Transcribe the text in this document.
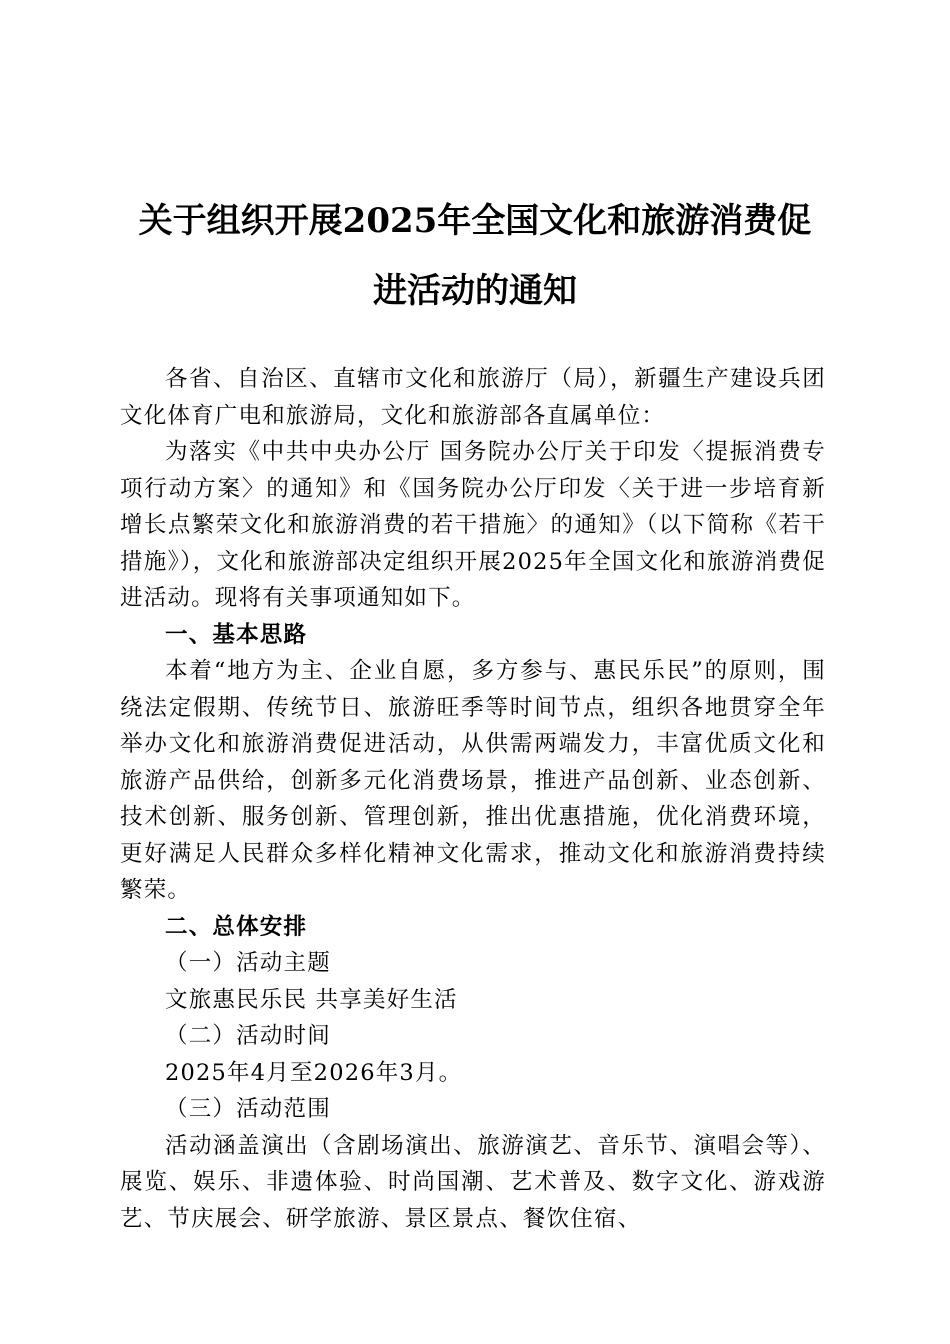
关于组织开展2025年全国文化和旅游消费促
进活动的通知

各省、自治区、直辖市文化和旅游厅（局），新疆生产建设兵团文化体育广电和旅游局，文化和旅游部各直属单位：

为落实《中共中央办公厅 国务院办公厅关于印发〈提振消费专项行动方案〉的通知》和《国务院办公厅印发〈关于进一步培育新增长点繁荣文化和旅游消费的若干措施〉的通知》（以下简称《若干措施》），文化和旅游部决定组织开展2025年全国文化和旅游消费促进活动。现将有关事项通知如下。

一、基本思路

本着“地方为主、企业自愿，多方参与、惠民乐民”的原则，围绕法定假期、传统节日、旅游旺季等时间节点，组织各地贯穿全年举办文化和旅游消费促进活动，从供需两端发力，丰富优质文化和旅游产品供给，创新多元化消费场景，推进产品创新、业态创新、技术创新、服务创新、管理创新，推出优惠措施，优化消费环境，更好满足人民群众多样化精神文化需求，推动文化和旅游消费持续繁荣。

二、总体安排

（一）活动主题

文旅惠民乐民 共享美好生活

（二）活动时间

2025年4月至2026年3月。

（三）活动范围

活动涵盖演出（含剧场演出、旅游演艺、音乐节、演唱会等）、展览、娱乐、非遗体验、时尚国潮、艺术普及、数字文化、游戏游艺、节庆展会、研学旅游、景区景点、餐饮住宿、
